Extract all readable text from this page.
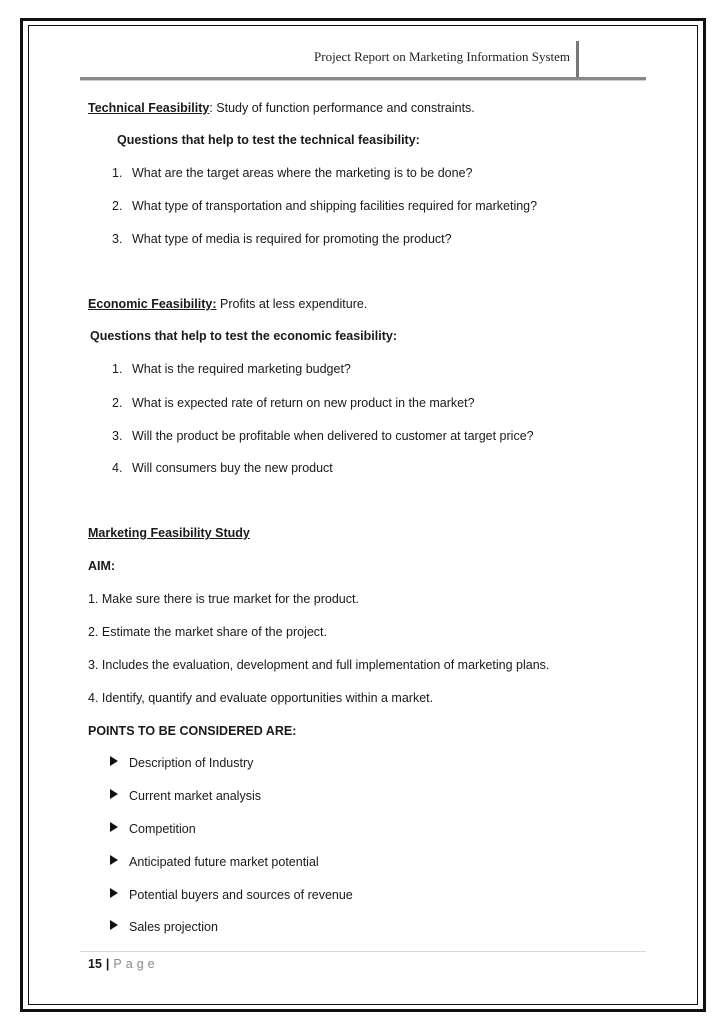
Project Report on Marketing Information System
Technical Feasibility: Study of function performance and constraints.
Questions that help to test the technical feasibility:
1. What are the target areas where the marketing is to be done?
2. What type of transportation and shipping facilities required for marketing?
3. What type of media is required for promoting the product?
Economic Feasibility: Profits at less expenditure.
Questions that help to test the economic feasibility:
1. What is the required marketing budget?
2. What is expected rate of return on new product in the market?
3. Will the product be profitable when delivered to customer at target price?
4. Will consumers buy the new product
Marketing Feasibility Study
AIM:
1. Make sure there is true market for the product.
2. Estimate the market share of the project.
3. Includes the evaluation, development and full implementation of marketing plans.
4. Identify, quantify and evaluate opportunities within a market.
POINTS TO BE CONSIDERED ARE:
Description of Industry
Current market analysis
Competition
Anticipated future market potential
Potential buyers and sources of revenue
Sales projection
15 | Page
